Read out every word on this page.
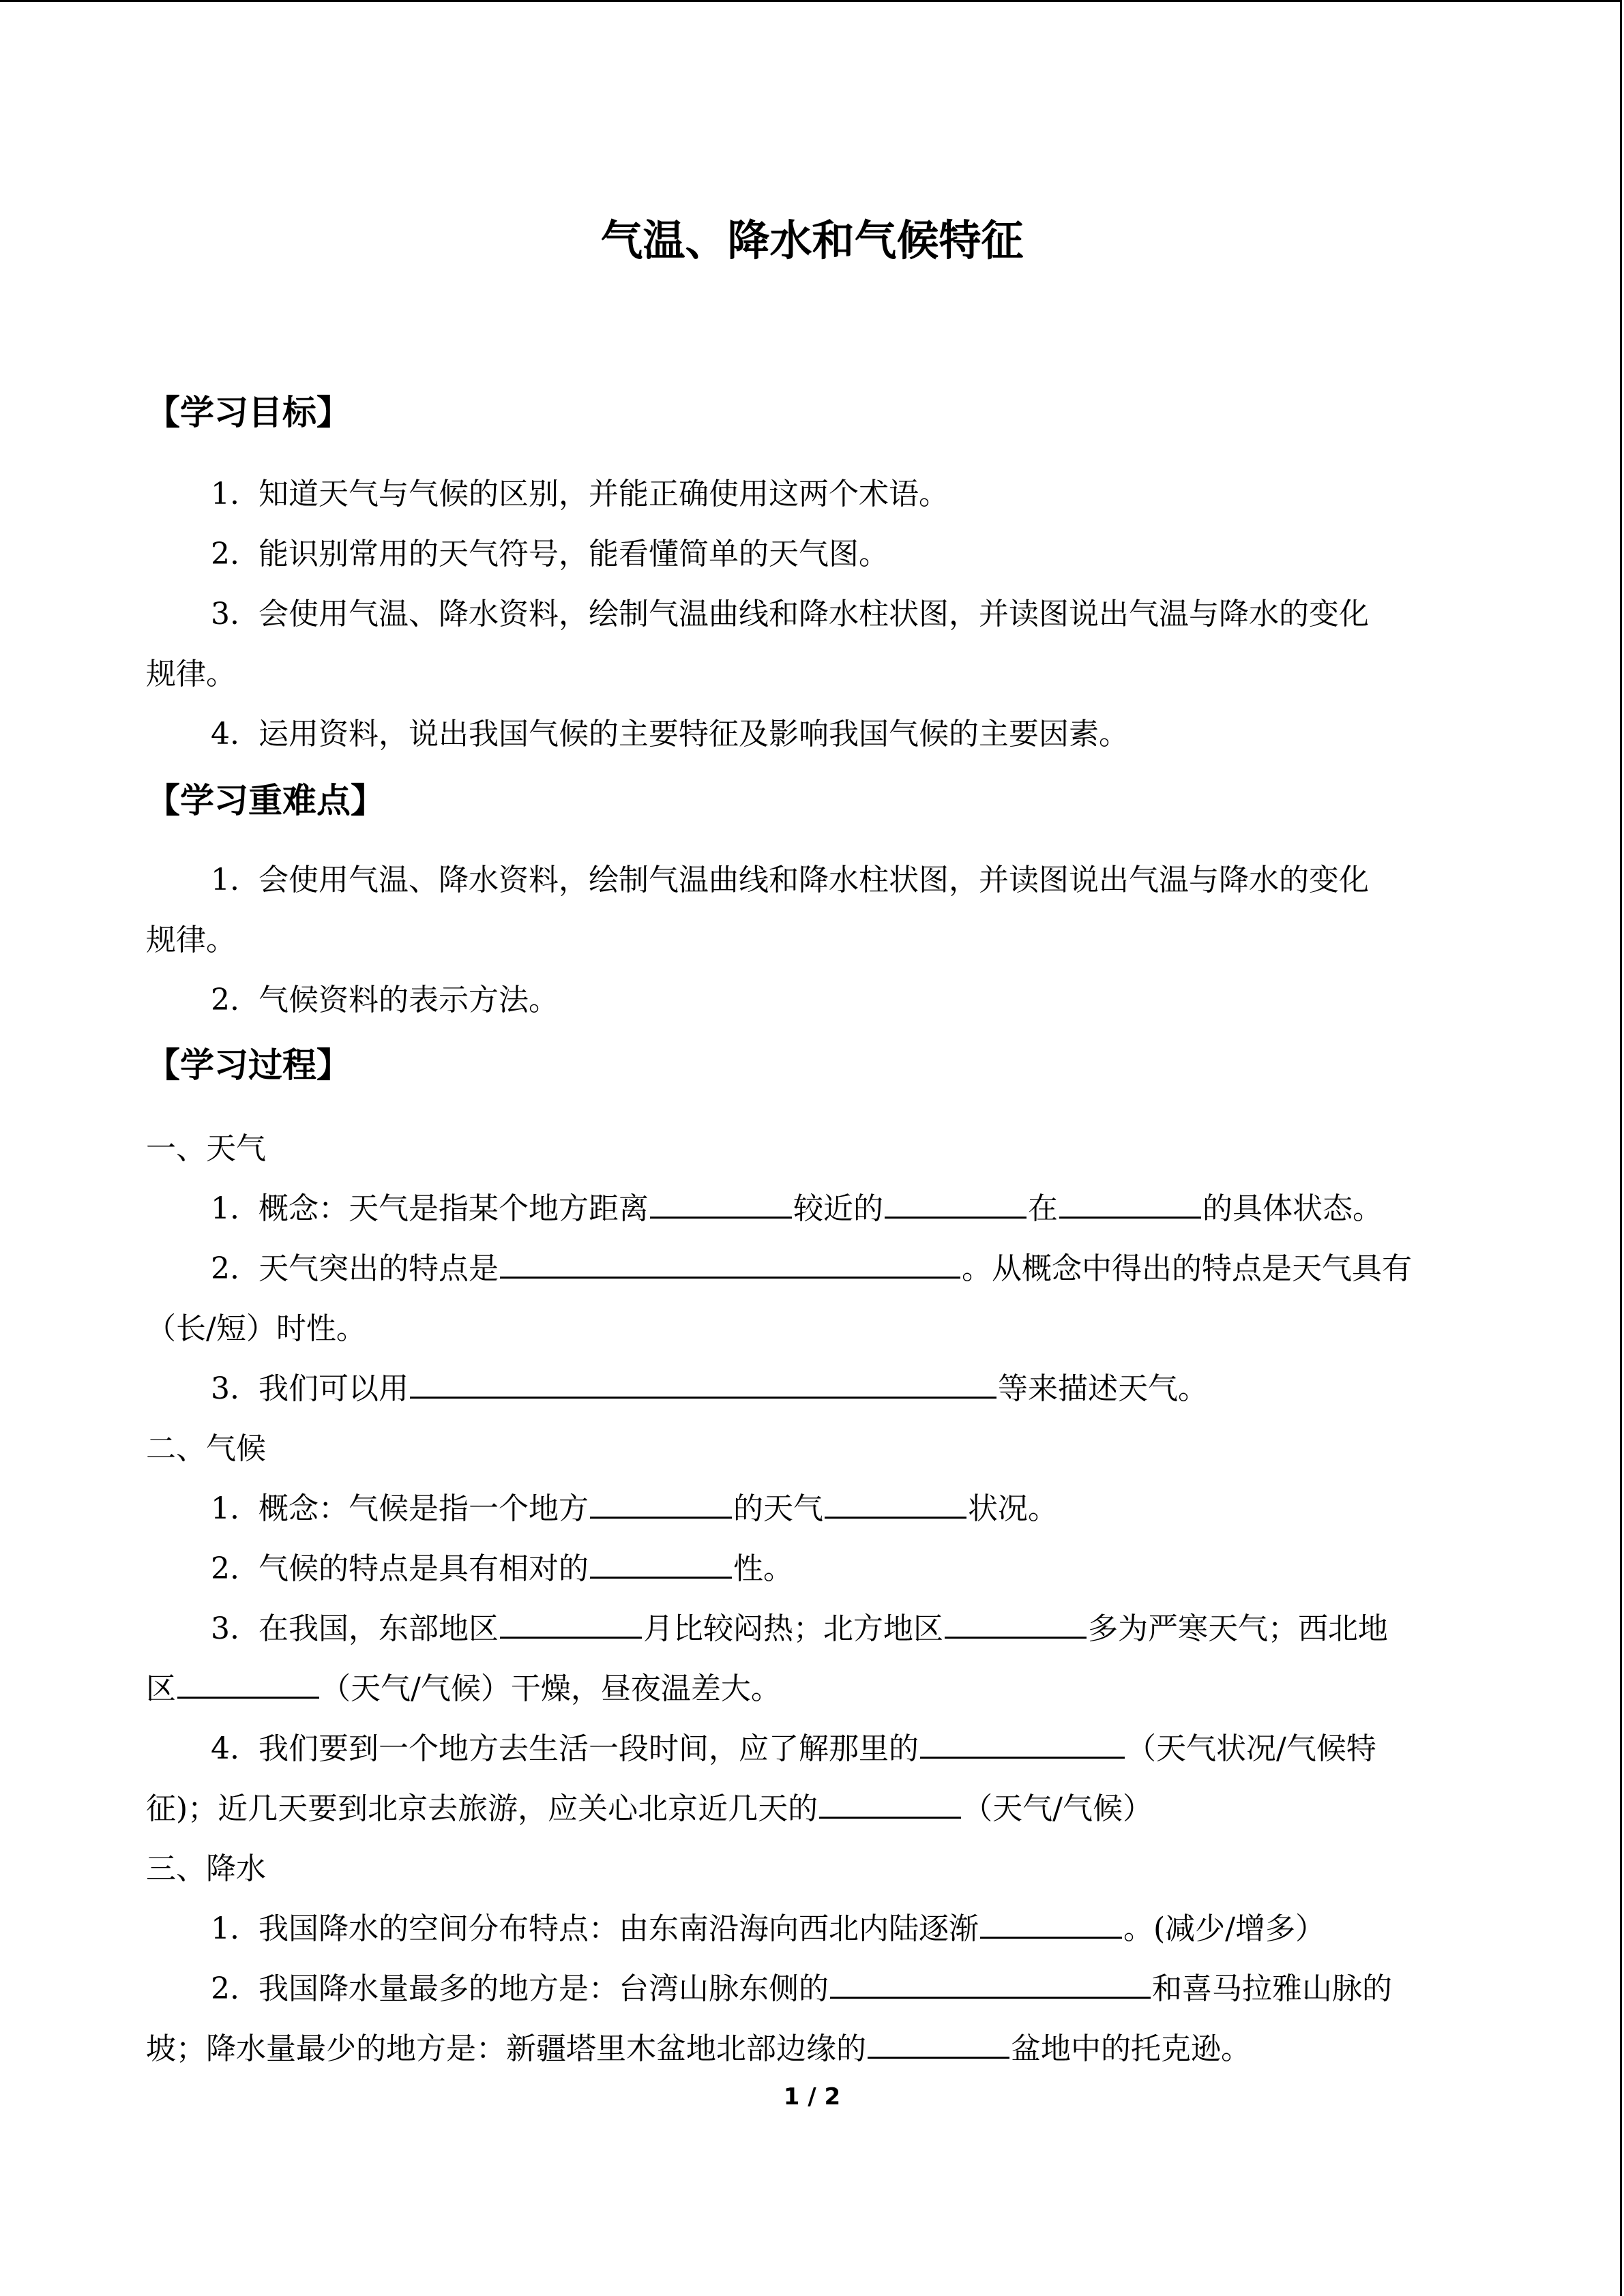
气温、降水和气候特征
【学习目标】
1. 知道天气与气候的区别，并能正确使用这两个术语。
2. 能识别常用的天气符号，能看懂简单的天气图。
3. 会使用气温、降水资料，绘制气温曲线和降水柱状图，并读图说出气温与降水的变化
规律。
4. 运用资料，说出我国气候的主要特征及影响我国气候的主要因素。
【学习重难点】
1. 会使用气温、降水资料，绘制气温曲线和降水柱状图，并读图说出气温与降水的变化
规律。
2. 气候资料的表示方法。
【学习过程】
一、天气
1. 概念：天气是指某个地方距离	较近的	在	的具体状态。
2. 天气突出的特点是	。从概念中得出的特点是天气具有
（长/短）时性。
3. 我们可以用	等来描述天气。
二、气候
1. 概念：气候是指一个地方	的天气	状况。
2. 气候的特点是具有相对的	性。
3. 在我国，东部地区	月比较闷热；北方地区	多为严寒天气；西北地
区	（天气/气候）干燥，昼夜温差大。
4. 我们要到一个地方去生活一段时间，应了解那里的	（天气状况/气候特
征)；近几天要到北京去旅游，应关心北京近几天的	（天气/气候）
三、降水
1. 我国降水的空间分布特点：由东南沿海向西北内陆逐渐	。(减少/增多）
2. 我国降水量最多的地方是：台湾山脉东侧的	和喜马拉雅山脉的
坡；降水量最少的地方是：新疆塔里木盆地北部边缘的	盆地中的托克逊。
1 / 2
